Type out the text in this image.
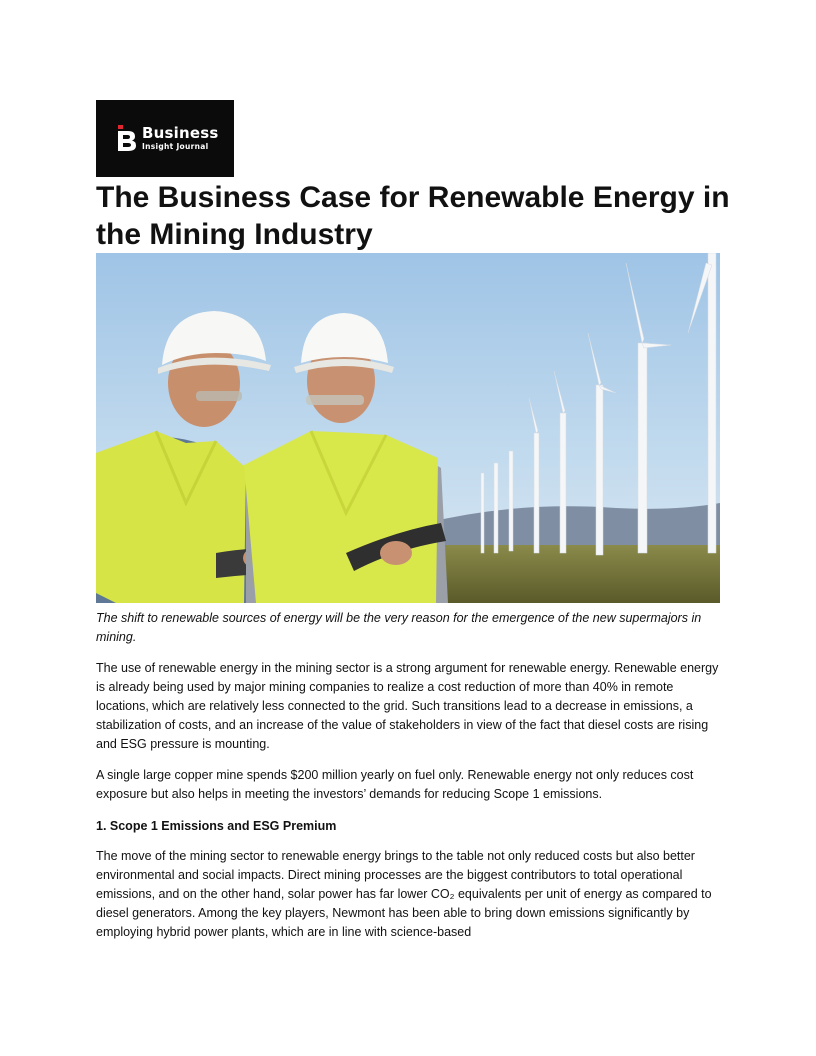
Business
Insight Journal
The Business Case for Renewable Energy in the Mining Industry

The shift to renewable sources of energy will be the very reason for the emergence of the new supermajors in mining.

The use of renewable energy in the mining sector is a strong argument for renewable energy. Renewable energy is already being used by major mining companies to realize a cost reduction of more than 40% in remote locations, which are relatively less connected to the grid. Such transitions lead to a decrease in emissions, a stabilization of costs, and an increase of the value of stakeholders in view of the fact that diesel costs are rising and ESG pressure is mounting.

A single large copper mine spends $200 million yearly on fuel only. Renewable energy not only reduces cost exposure but also helps in meeting the investors’ demands for reducing Scope 1 emissions.

1. Scope 1 Emissions and ESG Premium

The move of the mining sector to renewable energy brings to the table not only reduced costs but also better environmental and social impacts. Direct mining processes are the biggest contributors to total operational emissions, and on the other hand, solar power has far lower CO₂ equivalents per unit of energy as compared to diesel generators. Among the key players, Newmont has been able to bring down emissions significantly by employing hybrid power plants, which are in line with science-based
